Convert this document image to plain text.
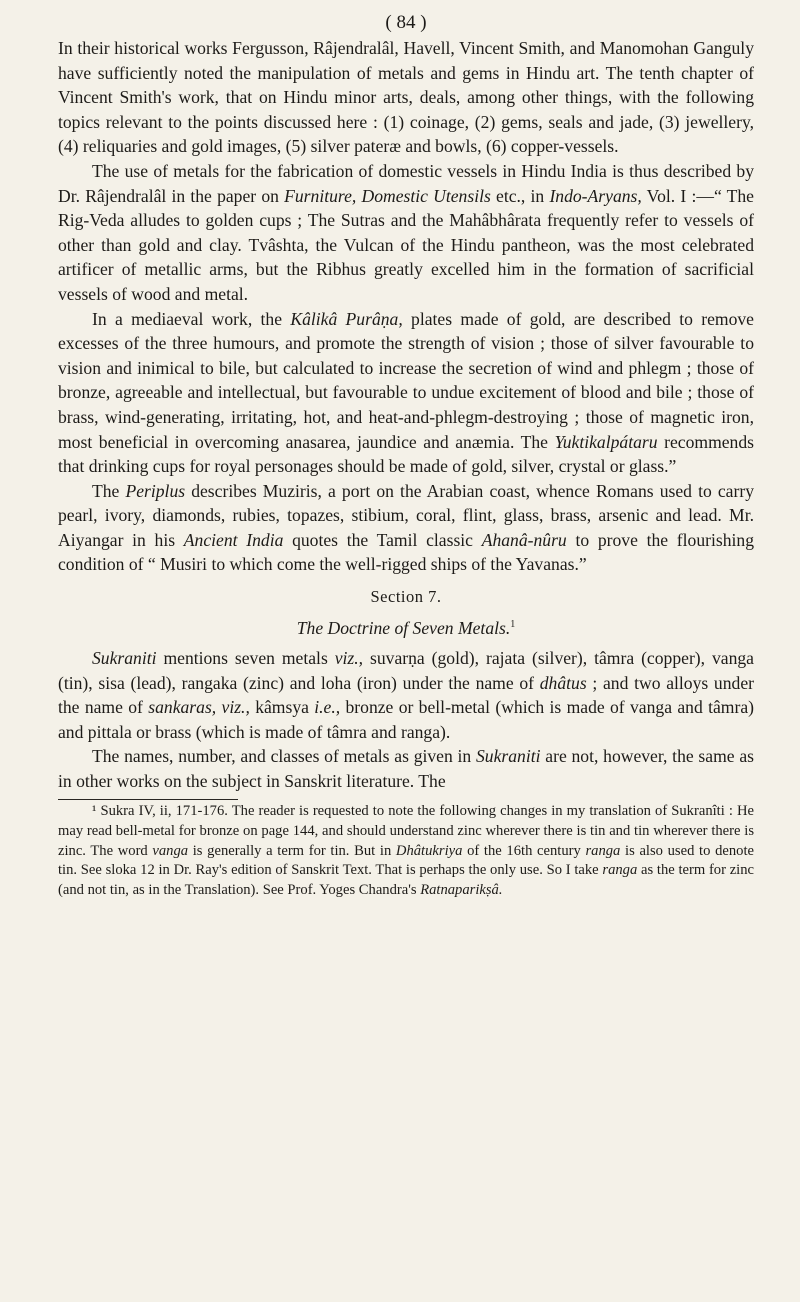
( 84 )

In their historical works Fergusson, Râjendralâl, Havell, Vincent Smith, and Manomohan Ganguly have sufficiently noted the manipulation of metals and gems in Hindu art. The tenth chapter of Vincent Smith's work, that on Hindu minor arts, deals, among other things, with the following topics relevant to the points discussed here : (1) coinage, (2) gems, seals and jade, (3) jewellery, (4) reliquaries and gold images, (5) silver pateræ and bowls, (6) copper-vessels.

The use of metals for the fabrication of domestic vessels in Hindu India is thus described by Dr. Râjendralâl in the paper on Furniture, Domestic Utensils etc., in Indo-Aryans, Vol. I :—“ The Rig-Veda alludes to golden cups ; The Sutras and the Mahâbhârata frequently refer to vessels of other than gold and clay. Tvâshta, the Vulcan of the Hindu pantheon, was the most celebrated artificer of metallic arms, but the Ribhus greatly excelled him in the formation of sacrificial vessels of wood and metal.

In a mediaeval work, the Kâlikâ Purâṇa, plates made of gold, are described to remove excesses of the three humours, and promote the strength of vision ; those of silver favourable to vision and inimical to bile, but calculated to increase the secretion of wind and phlegm ; those of bronze, agreeable and intellectual, but favourable to undue excitement of blood and bile ; those of brass, wind-generating, irritating, hot, and heat-and-phlegm-destroying ; those of magnetic iron, most beneficial in overcoming anasarea, jaundice and anæmia. The Yuktikalpátaru recommends that drinking cups for royal personages should be made of gold, silver, crystal or glass.”

The Periplus describes Muziris, a port on the Arabian coast, whence Romans used to carry pearl, ivory, diamonds, rubies, topazes, stibium, coral, flint, glass, brass, arsenic and lead. Mr. Aiyangar in his Ancient India quotes the Tamil classic Ahanâ-nûru to prove the flourishing condition of “ Musiri to which come the well-rigged ships of the Yavanas.”

Section 7.
The Doctrine of Seven Metals.$^1$

Sukraniti mentions seven metals viz., suvarṇa (gold), rajata (silver), tâmra (copper), vanga (tin), sisa (lead), rangaka (zinc) and loha (iron) under the name of dhâtus ; and two alloys under the name of sankaras, viz., kâmsya i.e., bronze or bell-metal (which is made of vanga and tâmra) and pittala or brass (which is made of tâmra and ranga).

The names, number, and classes of metals as given in Sukraniti are not, however, the same as in other works on the subject in Sanskrit literature. The

¹ Sukra IV, ii, 171-176. The reader is requested to note the following changes in my translation of Sukranîti : He may read bell-metal for bronze on page 144, and should understand zinc wherever there is tin and tin wherever there is zinc. The word vanga is generally a term for tin. But in Dhâtukriya of the 16th century ranga is also used to denote tin. See sloka 12 in Dr. Ray's edition of Sanskrit Text. That is perhaps the only use. So I take ranga as the term for zinc (and not tin, as in the Translation). See Prof. Yoges Chandra's Ratnaparikṣâ.
